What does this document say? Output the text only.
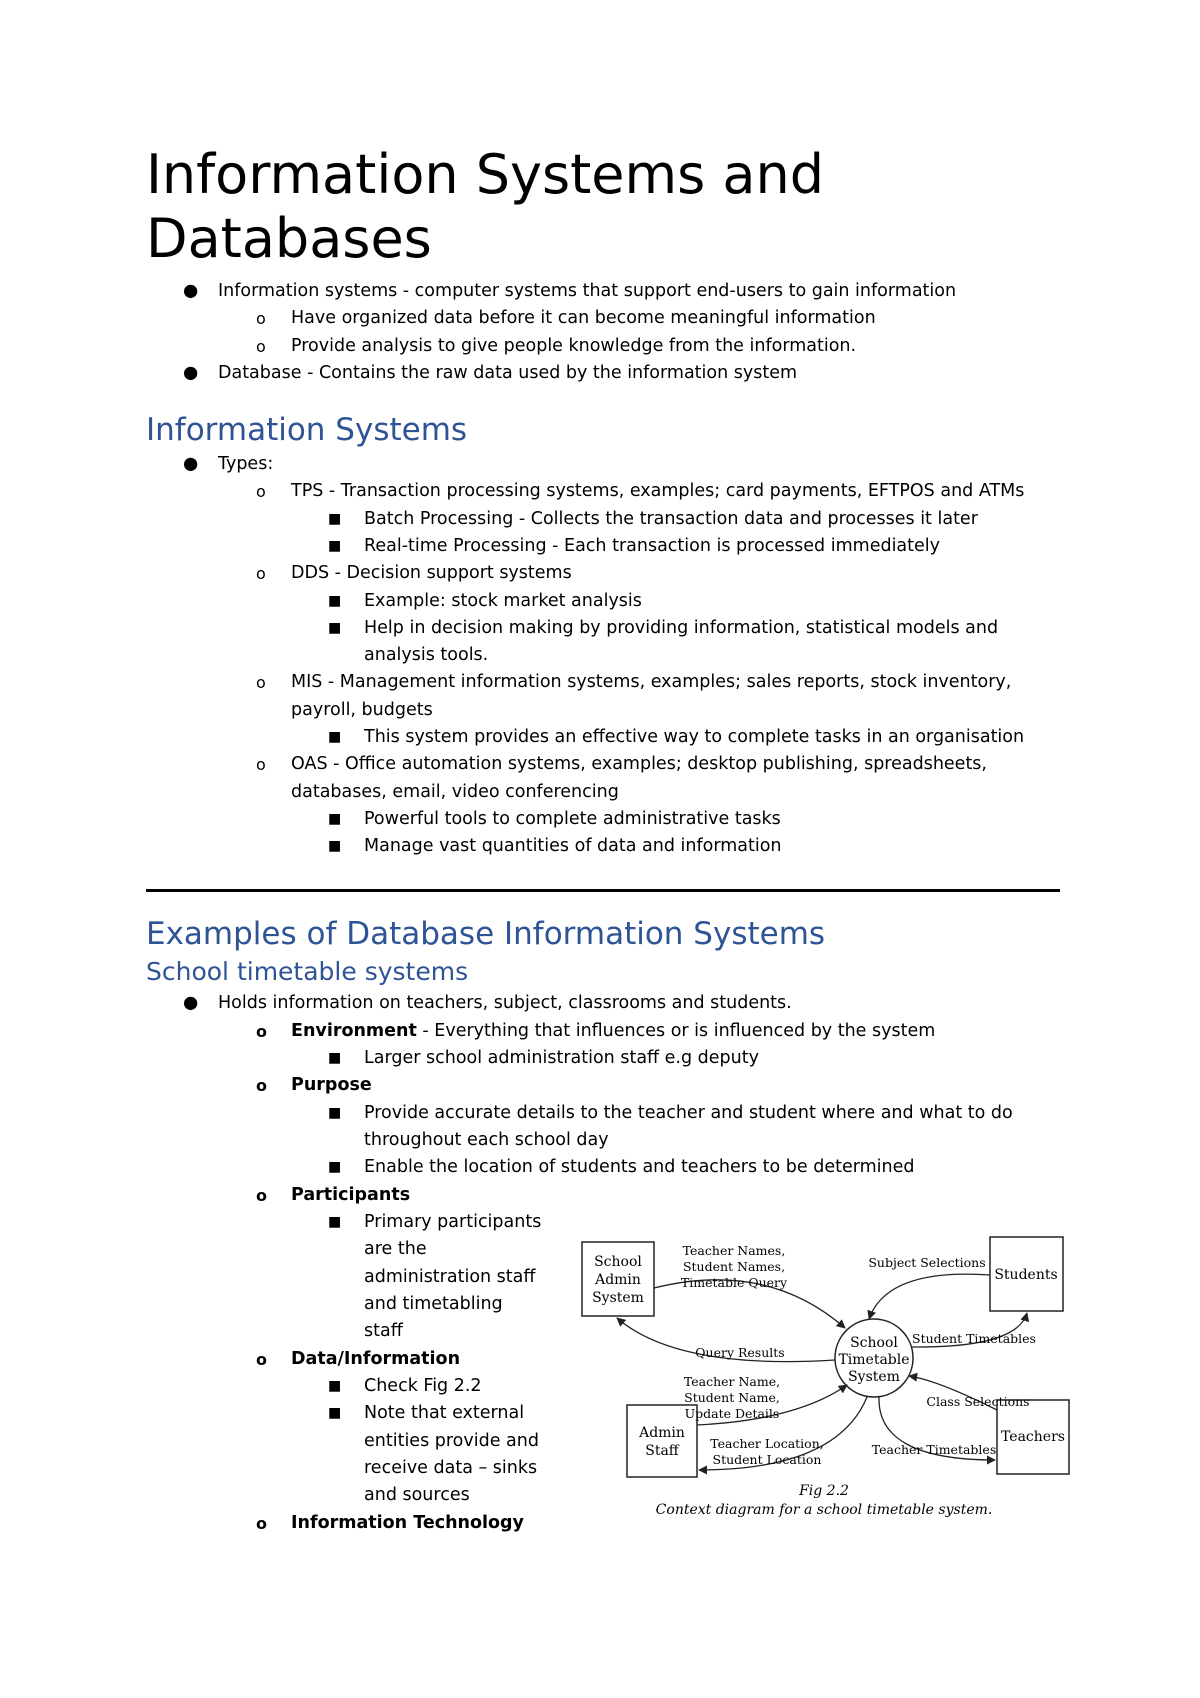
Information Systems and Databases
● Information systems - computer systems that support end-users to gain information
o Have organized data before it can become meaningful information
o Provide analysis to give people knowledge from the information.
● Database - Contains the raw data used by the information system
Information Systems
● Types:
o TPS - Transaction processing systems, examples; card payments, EFTPOS and ATMs
■ Batch Processing - Collects the transaction data and processes it later
■ Real-time Processing - Each transaction is processed immediately
o DDS - Decision support systems
■ Example: stock market analysis
■ Help in decision making by providing information, statistical models and
analysis tools.
o MIS - Management information systems, examples; sales reports, stock inventory,
payroll, budgets
■ This system provides an effective way to complete tasks in an organisation
o OAS - Office automation systems, examples; desktop publishing, spreadsheets,
databases, email, video conferencing
■ Powerful tools to complete administrative tasks
■ Manage vast quantities of data and information
Examples of Database Information Systems
School timetable systems
● Holds information on teachers, subject, classrooms and students.
o Environment - Everything that influences or is influenced by the system
■ Larger school administration staff e.g deputy
o Purpose
■ Provide accurate details to the teacher and student where and what to do
throughout each school day
■ Enable the location of students and teachers to be determined
o Participants
■ Primary participants
are the
administration staff
and timetabling
staff
o Data/Information
■ Check Fig 2.2
■ Note that external
entities provide and
receive data – sinks
and sources
o Information Technology
School
Admin
System
Students
Admin
Staff
Teachers
School
Timetable
System
Teacher Names,
Student Names,
Timetable Query
Query Results
Subject Selections
Student Timetables
Teacher Name,
Student Name,
Update Details
Class Selections
Teacher Location,
Student Location
Teacher Timetables
Fig 2.2
Context diagram for a school timetable system.
